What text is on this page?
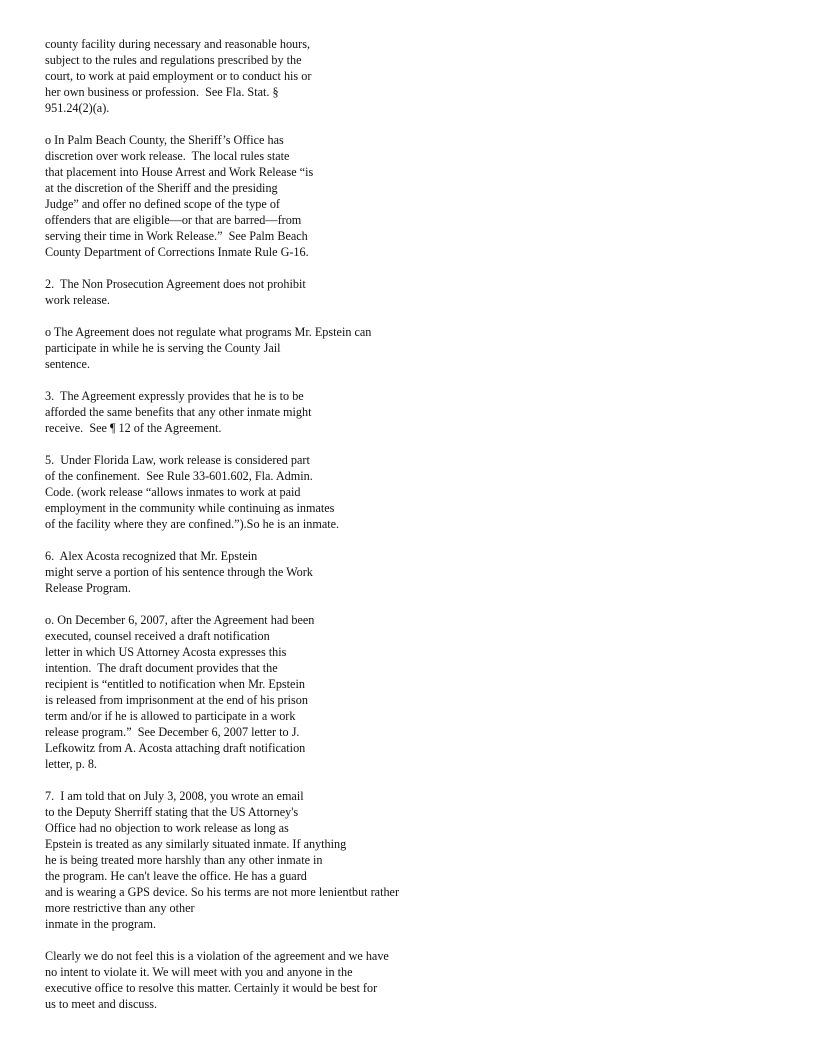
county facility during necessary and reasonable hours,
subject to the rules and regulations prescribed by the
court, to work at paid employment or to conduct his or
her own business or profession.  See Fla. Stat. §
951.24(2)(a).
o In Palm Beach County, the Sheriff’s Office has
discretion over work release.  The local rules state
that placement into House Arrest and Work Release “is
at the discretion of the Sheriff and the presiding
Judge” and offer no defined scope of the type of
offenders that are eligible—or that are barred—from
serving their time in Work Release.”  See Palm Beach
County Department of Corrections Inmate Rule G-16.
2.  The Non Prosecution Agreement does not prohibit
work release.
o The Agreement does not regulate what programs Mr. Epstein can
participate in while he is serving the County Jail
sentence.
3.  The Agreement expressly provides that he is to be
afforded the same benefits that any other inmate might
receive.  See ¶ 12 of the Agreement.
5.  Under Florida Law, work release is considered part
of the confinement.  See Rule 33-601.602, Fla. Admin.
Code. (work release “allows inmates to work at paid
employment in the community while continuing as inmates
of the facility where they are confined.”).So he is an inmate.
6.  Alex Acosta recognized that Mr. Epstein
might serve a portion of his sentence through the Work
Release Program.
o. On December 6, 2007, after the Agreement had been
executed, counsel received a draft notification
letter in which US Attorney Acosta expresses this
intention.  The draft document provides that the
recipient is “entitled to notification when Mr. Epstein
is released from imprisonment at the end of his prison
term and/or if he is allowed to participate in a work
release program.”  See December 6, 2007 letter to J.
Lefkowitz from A. Acosta attaching draft notification
letter, p. 8.
7.  I am told that on July 3, 2008, you wrote an email
to the Deputy Sherriff stating that the US Attorney's
Office had no objection to work release as long as
Epstein is treated as any similarly situated inmate. If anything
he is being treated more harshly than any other inmate in
the program. He can't leave the office. He has a guard
and is wearing a GPS device. So his terms are not more lenientbut rather
more restrictive than any other
inmate in the program.
Clearly we do not feel this is a violation of the agreement and we have
no intent to violate it. We will meet with you and anyone in the
executive office to resolve this matter. Certainly it would be best for
us to meet and discuss.
